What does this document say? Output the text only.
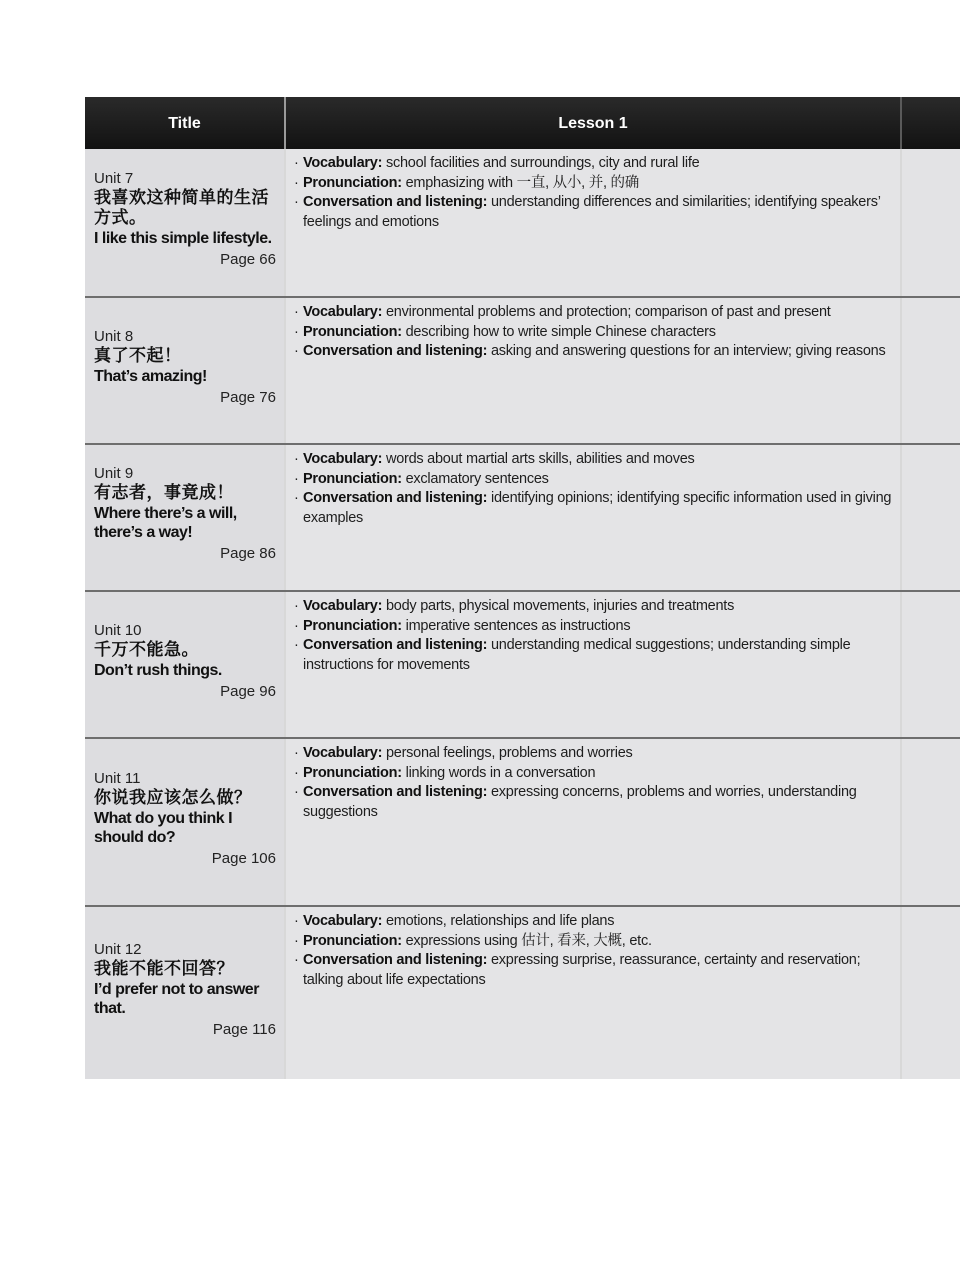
Title	Lesson 1
Unit 7
我喜欢这种简单的生活方式。
I like this simple lifestyle.
Page 66
· Vocabulary: school facilities and surroundings, city and rural life
· Pronunciation: emphasizing with 一直, 从小, 并, 的确
· Conversation and listening: understanding differences and similarities; identifying speakers’ feelings and emotions
Unit 8
真了不起！
That’s amazing!
Page 76
· Vocabulary: environmental problems and protection; comparison of past and present
· Pronunciation: describing how to write simple Chinese characters
· Conversation and listening: asking and answering questions for an interview; giving reasons
Unit 9
有志者，事竟成！
Where there’s a will, there’s a way!
Page 86
· Vocabulary: words about martial arts skills, abilities and moves
· Pronunciation: exclamatory sentences
· Conversation and listening: identifying opinions; identifying specific information used in giving examples
Unit 10
千万不能急。
Don’t rush things.
Page 96
· Vocabulary: body parts, physical movements, injuries and treatments
· Pronunciation: imperative sentences as instructions
· Conversation and listening: understanding medical suggestions; understanding simple instructions for movements
Unit 11
你说我应该怎么做？
What do you think I should do?
Page 106
· Vocabulary: personal feelings, problems and worries
· Pronunciation: linking words in a conversation
· Conversation and listening: expressing concerns, problems and worries, understanding suggestions
Unit 12
我能不能不回答？
I’d prefer not to answer that.
Page 116
· Vocabulary: emotions, relationships and life plans
· Pronunciation: expressions using 估计, 看来, 大概, etc.
· Conversation and listening: expressing surprise, reassurance, certainty and reservation; talking about life expectations
